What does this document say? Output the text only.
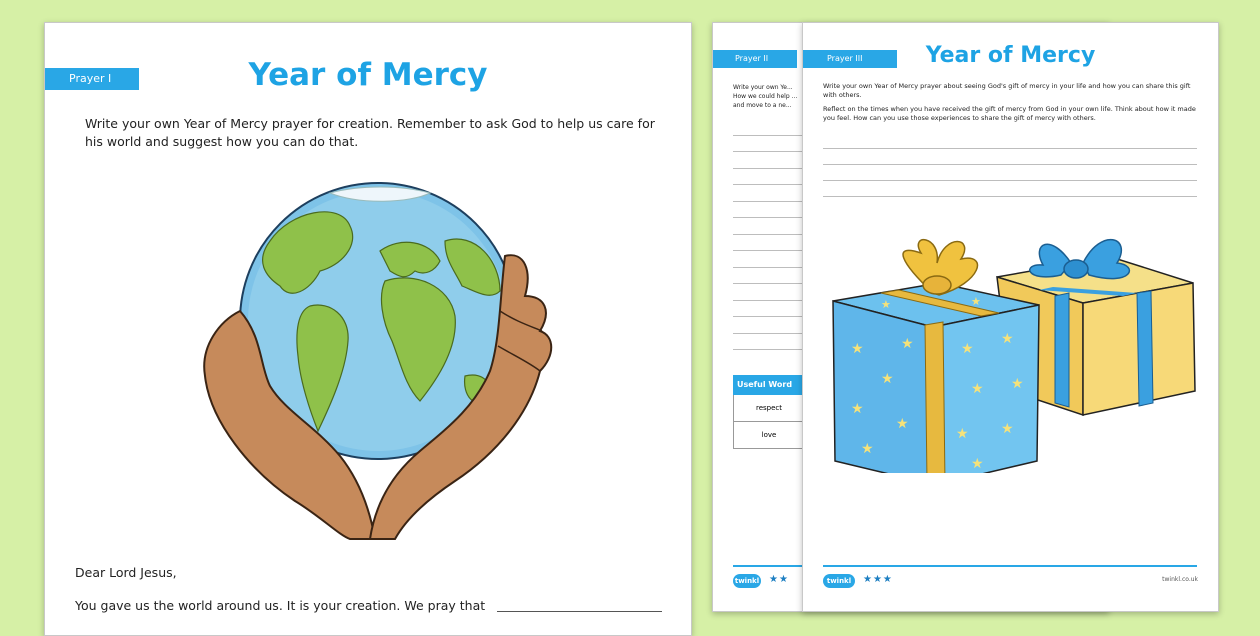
Prayer II
Write your own Ye... How we could help ... and move to a ne...
Useful Word
respect
love
twinkl ★★
Prayer III	Year of Mercy
Write your own Year of Mercy prayer about seeing God's gift of mercy in your life and how you can share this gift with others.
Reflect on the times when you have received the gift of mercy from God in your own life. Think about how it made you feel. How can you use those experiences to share the gift of mercy with others.
★
★
★
★
★
★	★
★
★ ★
★ ★
★
★	★
twinkl	★★★	twinkl.co.uk
Prayer I	Year of Mercy
Write your own Year of Mercy prayer for creation. Remember to ask God to help us care for his world and suggest how you can do that.
Dear Lord Jesus,
You gave us the world around us. It is your creation. We pray that
